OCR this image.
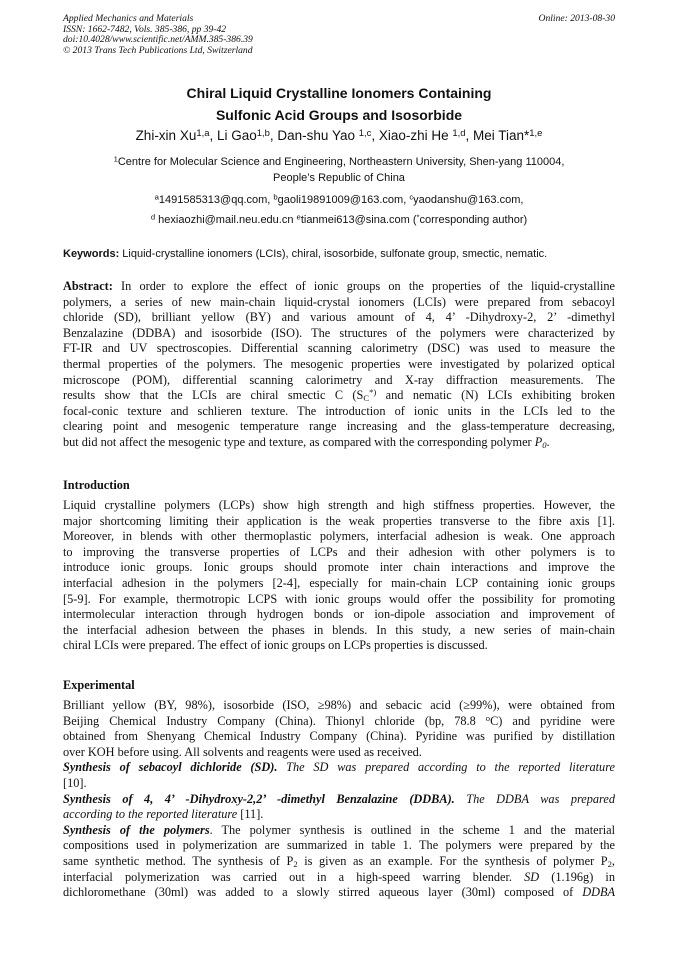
Applied Mechanics and Materials
ISSN: 1662-7482, Vols. 385-386, pp 39-42
doi:10.4028/www.scientific.net/AMM.385-386.39
© 2013 Trans Tech Publications Ltd, Switzerland
Online: 2013-08-30
Chiral Liquid Crystalline Ionomers Containing
Sulfonic Acid Groups and Isosorbide
Zhi-xin Xu$^{1,a}$, Li Gao$^{1,b}$, Dan-shu Yao $^{1,c}$, Xiao-zhi He $^{1,d}$, Mei Tian*$^{1,e}$
$^1$Centre for Molecular Science and Engineering, Northeastern University, Shen-yang 110004,
People’s Republic of China
$^a$1491585313@qq.com, $^b$gaoli19891009@163.com, $^c$yaodanshu@163.com,
$^d$ hexiaozhi@mail.neu.edu.cn $^e$tianmei613@sina.com (*corresponding author)
Keywords: Liquid-crystalline ionomers (LCIs), chiral, isosorbide, sulfonate group, smectic, nematic.
Abstract: In order to explore the effect of ionic groups on the properties of the liquid-crystalline
polymers, a series of new main-chain liquid-crystal ionomers (LCIs) were prepared from sebacoyl
chloride (SD), brilliant yellow (BY) and various amount of 4, 4’ -Dihydroxy-2, 2’ -dimethyl
Benzalazine (DDBA) and isosorbide (ISO). The structures of the polymers were characterized by
FT-IR and UV spectroscopies. Differential scanning calorimetry (DSC) was used to measure the
thermal properties of the polymers. The mesogenic properties were investigated by polarized optical
microscope (POM), differential scanning calorimetry and X-ray diffraction measurements. The
results show that the LCIs are chiral smectic C ($S_C^{*)}$ and nematic (N) LCIs exhibiting broken
focal-conic texture and schlieren texture. The introduction of ionic units in the LCIs led to the
clearing point and mesogenic temperature range increasing and the glass-temperature decreasing,
but did not affect the mesogenic type and texture, as compared with the corresponding polymer $P_0$.
Introduction
Liquid crystalline polymers (LCPs) show high strength and high stiffness properties. However, the
major shortcoming limiting their application is the weak properties transverse to the fibre axis [1].
Moreover, in blends with other thermoplastic polymers, interfacial adhesion is weak. One approach
to improving the transverse properties of LCPs and their adhesion with other polymers is to
introduce ionic groups. Ionic groups should promote inter chain interactions and improve the
interfacial adhesion in the polymers [2-4], especially for main-chain LCP containing ionic groups
[5-9]. For example, thermotropic LCPS with ionic groups would offer the possibility for promoting
intermolecular interaction through hydrogen bonds or ion-dipole association and improvement of
the interfacial adhesion between the phases in blends. In this study, a new series of main-chain
chiral LCIs were prepared. The effect of ionic groups on LCPs properties is discussed.
Experimental
Brilliant yellow (BY, 98%), isosorbide (ISO, ≥98%) and sebacic acid (≥99%), were obtained from
Beijing Chemical Industry Company (China). Thionyl chloride (bp, 78.8 $^o$C) and pyridine were
obtained from Shenyang Chemical Industry Company (China). Pyridine was purified by distillation
over KOH before using. All solvents and reagents were used as received.
Synthesis of sebacoyl dichloride (SD). The SD was prepared according to the reported literature
[10].
Synthesis of 4, 4’ -Dihydroxy-2,2’ -dimethyl Benzalazine (DDBA). The DDBA was prepared
according to the reported literature [11].
Synthesis of the polymers. The polymer synthesis is outlined in the scheme 1 and the material
compositions used in polymerization are summarized in table 1. The polymers were prepared by the
same synthetic method. The synthesis of $P_2$ is given as an example. For the synthesis of polymer $P_2$,
interfacial polymerization was carried out in a high-speed warring blender. SD (1.196g) in
dichloromethane (30ml) was added to a slowly stirred aqueous layer (30ml) composed of DDBA
